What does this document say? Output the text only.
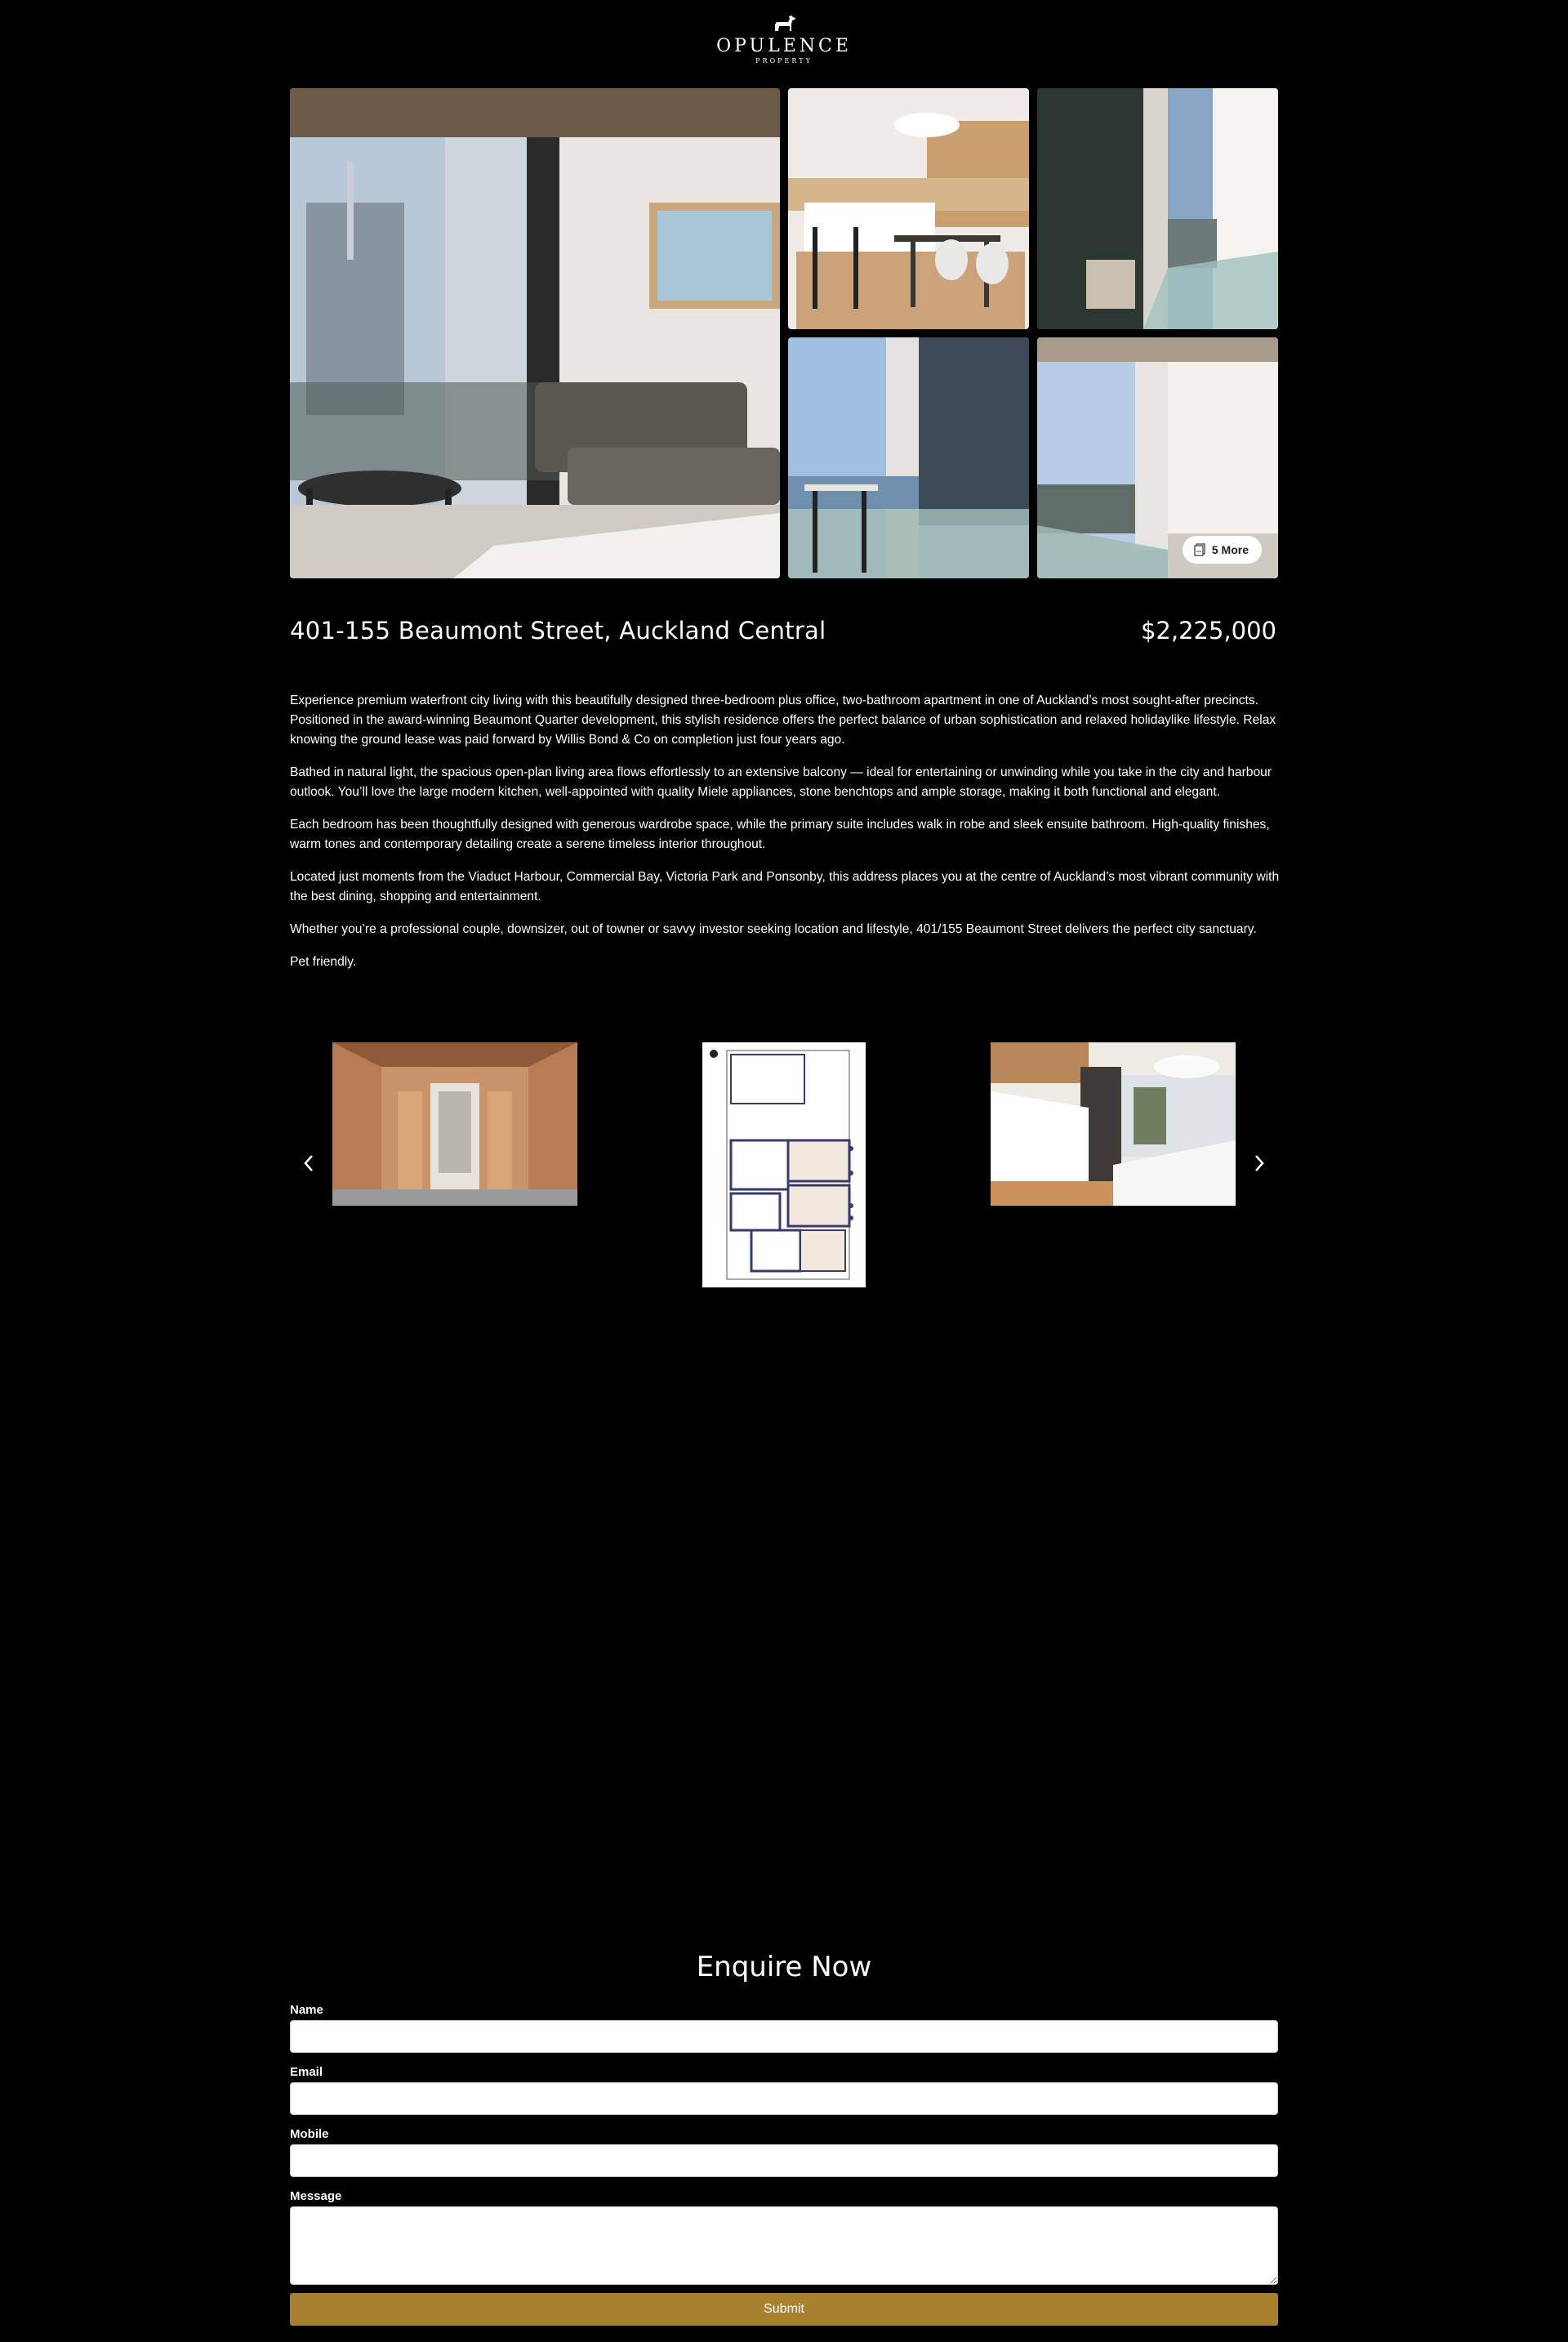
OPULENCE
PROPERTY
5 More
401-155 Beaumont Street, Auckland Central	$2,225,000

Experience premium waterfront city living with this beautifully designed three-bedroom plus office, two-bathroom apartment in one of Auckland’s most sought-after precincts. Positioned in the award-winning Beaumont Quarter development, this stylish residence offers the perfect balance of urban sophistication and relaxed holidaylike lifestyle. Relax knowing the ground lease was paid forward by Willis Bond & Co on completion just four years ago.

Bathed in natural light, the spacious open-plan living area flows effortlessly to an extensive balcony — ideal for entertaining or unwinding while you take in the city and harbour outlook. You’ll love the large modern kitchen, well-appointed with quality Miele appliances, stone benchtops and ample storage, making it both functional and elegant.

Each bedroom has been thoughtfully designed with generous wardrobe space, while the primary suite includes walk in robe and sleek ensuite bathroom. High-quality finishes, warm tones and contemporary detailing create a serene timeless interior throughout.

Located just moments from the Viaduct Harbour, Commercial Bay, Victoria Park and Ponsonby, this address places you at the centre of Auckland’s most vibrant community with the best dining, shopping and entertainment.

Whether you’re a professional couple, downsizer, out of towner or savvy investor seeking location and lifestyle, 401/155 Beaumont Street delivers the perfect city sanctuary.

Pet friendly.

Enquire Now
Name
Email
Mobile
Message
Submit
